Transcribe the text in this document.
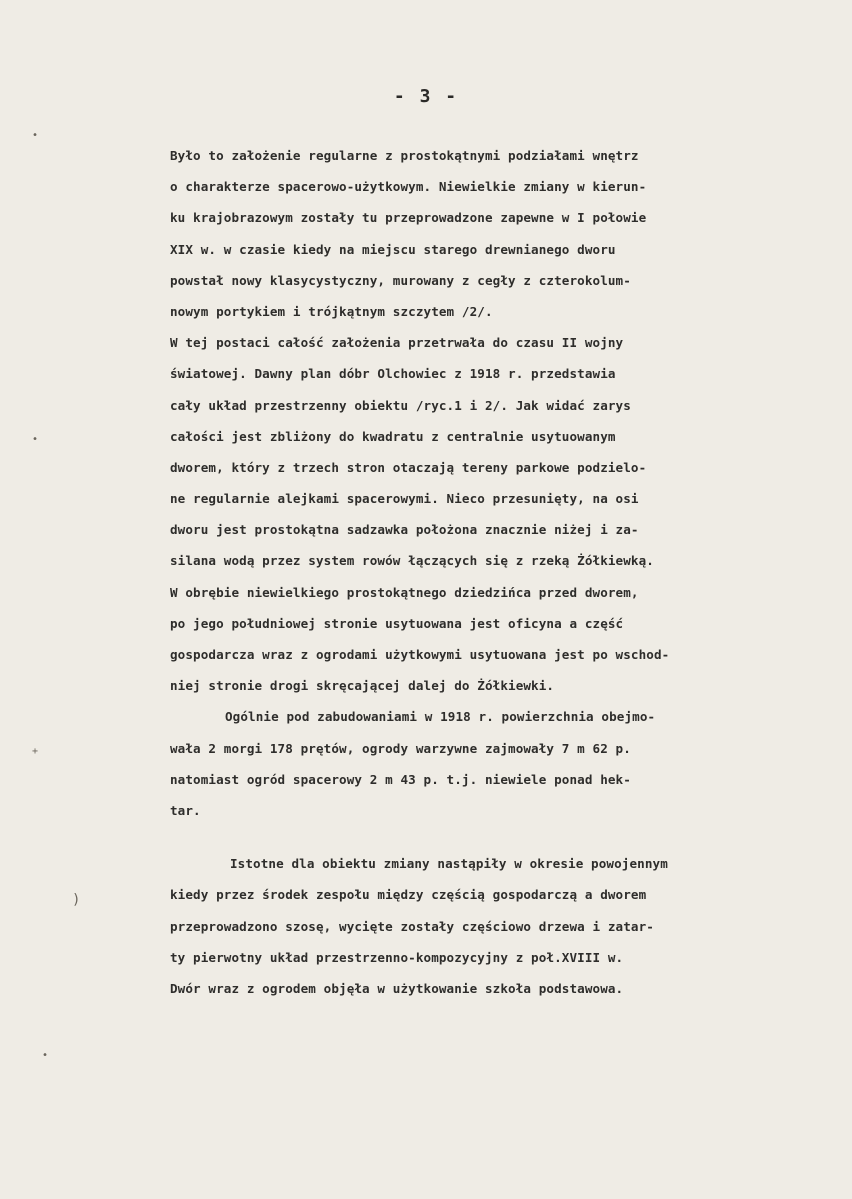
- 3 -
•
•
+
)
•
Było to założenie regularne z prostokątnymi podziałami wnętrz
o charakterze spacerowo-użytkowym. Niewielkie zmiany w kierun-
ku krajobrazowym zostały tu przeprowadzone zapewne w I połowie
XIX w. w czasie kiedy na miejscu starego drewnianego dworu
powstał nowy klasycystyczny, murowany z cegły z czterokolum-
nowym portykiem i trójkątnym szczytem /2/.
W tej postaci całość założenia przetrwała do czasu II wojny
światowej. Dawny plan dóbr Olchowiec z 1918 r. przedstawia
cały układ przestrzenny obiektu /ryc.1 i 2/. Jak widać zarys
całości jest zbliżony do kwadratu z centralnie usytuowanym
dworem, który z trzech stron otaczają tereny parkowe podzielo-
ne regularnie alejkami spacerowymi. Nieco przesunięty, na osi
dworu jest prostokątna sadzawka położona znacznie niżej i za-
silana wodą przez system rowów łączących się z rzeką Żółkiewką.
W obrębie niewielkiego prostokątnego dziedzińca przed dworem,
po jego południowej stronie usytuowana jest oficyna a część
gospodarcza wraz z ogrodami użytkowymi usytuowana jest po wschod-
niej stronie drogi skręcającej dalej do Żółkiewki.
Ogólnie pod zabudowaniami w 1918 r. powierzchnia obejmo-
wała 2 morgi 178 prętów, ogrody warzywne zajmowały 7 m 62 p.
natomiast ogród spacerowy 2 m 43 p. t.j. niewiele ponad hek-
tar.
Istotne dla obiektu zmiany nastąpiły w okresie powojennym
kiedy przez środek zespołu między częścią gospodarczą a dworem
przeprowadzono szosę, wycięte zostały częściowo drzewa i zatar-
ty pierwotny układ przestrzenno-kompozycyjny z poł.XVIII w.
Dwór wraz z ogrodem objęła w użytkowanie szkoła podstawowa.
